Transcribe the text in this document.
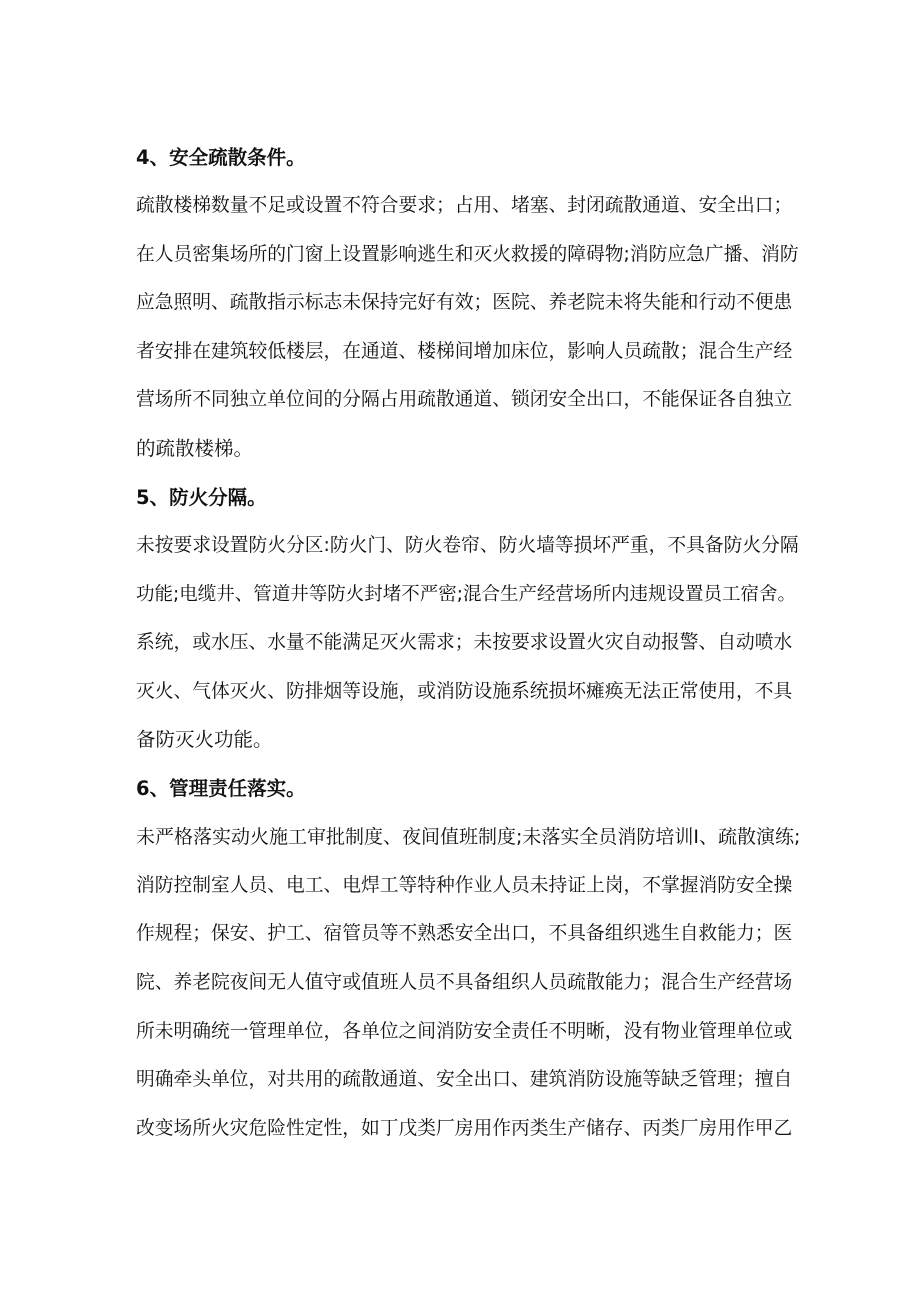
4、安全疏散条件。
疏散楼梯数量不足或设置不符合要求；占用、堵塞、封闭疏散通道、安全出口；
在人员密集场所的门窗上设置影响逃生和灭火救援的障碍物;消防应急广播、消防
应急照明、疏散指示标志未保持完好有效；医院、养老院未将失能和行动不便患
者安排在建筑较低楼层，在通道、楼梯间增加床位，影响人员疏散；混合生产经
营场所不同独立单位间的分隔占用疏散通道、锁闭安全出口，不能保证各自独立
的疏散楼梯。
5、防火分隔。
未按要求设置防火分区:防火门、防火卷帘、防火墙等损坏严重，不具备防火分隔
功能;电缆井、管道井等防火封堵不严密;混合生产经营场所内违规设置员工宿舍。
系统，或水压、水量不能满足灭火需求；未按要求设置火灾自动报警、自动喷水
灭火、气体灭火、防排烟等设施，或消防设施系统损坏瘫痪无法正常使用，不具
备防灭火功能。
6、管理责任落实。
未严格落实动火施工审批制度、夜间值班制度;未落实全员消防培训Ⅰ、疏散演练;
消防控制室人员、电工、电焊工等特种作业人员未持证上岗，不掌握消防安全操
作规程；保安、护工、宿管员等不熟悉安全出口，不具备组织逃生自救能力；医
院、养老院夜间无人值守或值班人员不具备组织人员疏散能力；混合生产经营场
所未明确统一管理单位，各单位之间消防安全责任不明晰，没有物业管理单位或
明确牵头单位，对共用的疏散通道、安全出口、建筑消防设施等缺乏管理；擅自
改变场所火灾危险性定性，如丁戊类厂房用作丙类生产储存、丙类厂房用作甲乙
